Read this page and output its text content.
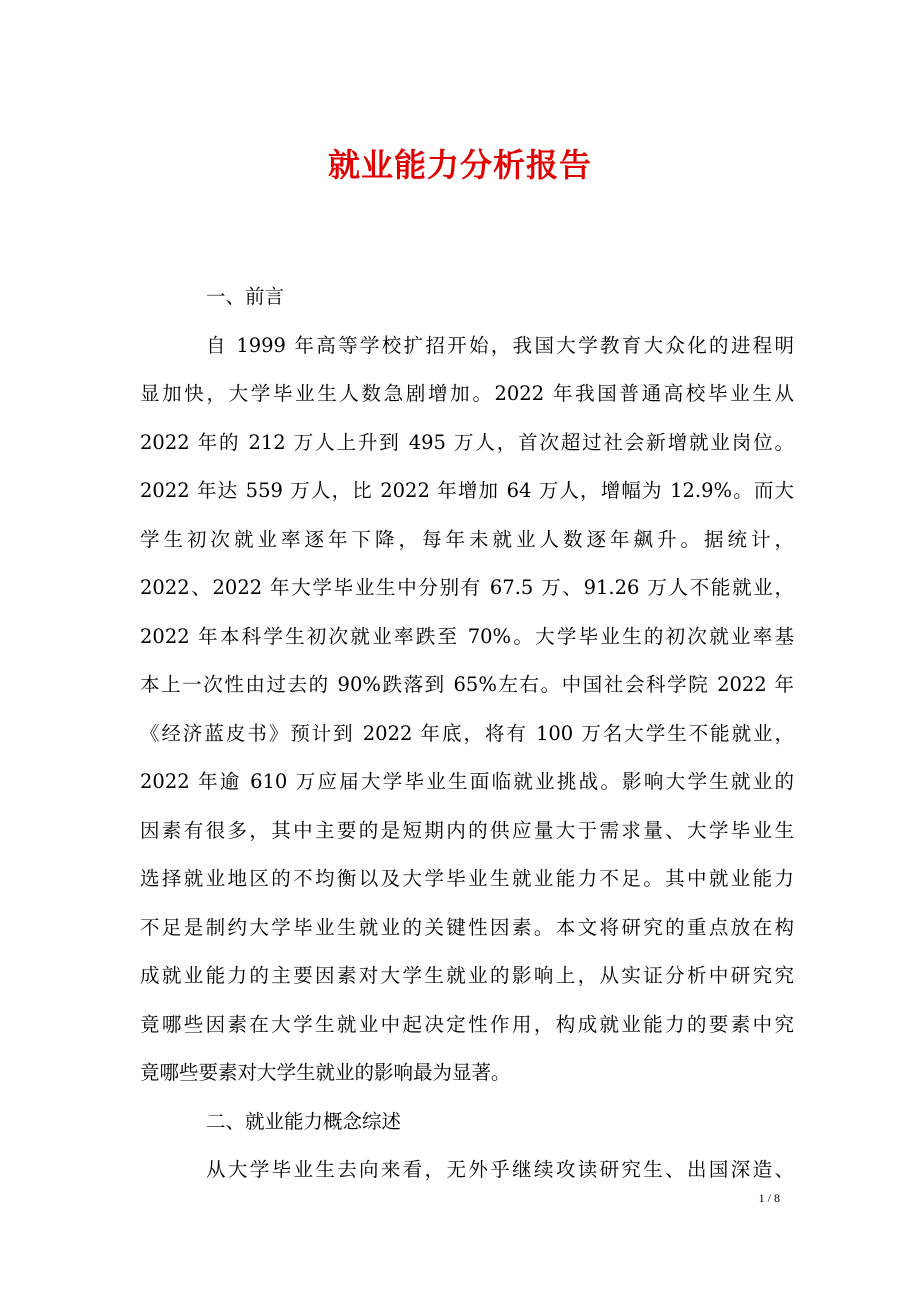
就业能力分析报告
一、前言
自 1999 年高等学校扩招开始，我国大学教育大众化的进程明
显加快，大学毕业生人数急剧增加。2022 年我国普通高校毕业生从
2022 年的 212 万人上升到 495 万人，首次超过社会新增就业岗位。
2022 年达 559 万人，比 2022 年增加 64 万人，增幅为 12.9%。而大
学生初次就业率逐年下降，每年未就业人数逐年飙升。据统计，
2022、2022 年大学毕业生中分别有 67.5 万、91.26 万人不能就业，
2022 年本科学生初次就业率跌至 70%。大学毕业生的初次就业率基
本上一次性由过去的 90%跌落到 65%左右。中国社会科学院 2022 年
《经济蓝皮书》预计到 2022 年底，将有 100 万名大学生不能就业，
2022 年逾 610 万应届大学毕业生面临就业挑战。影响大学生就业的
因素有很多，其中主要的是短期内的供应量大于需求量、大学毕业生
选择就业地区的不均衡以及大学毕业生就业能力不足。其中就业能力
不足是制约大学毕业生就业的关键性因素。本文将研究的重点放在构
成就业能力的主要因素对大学生就业的影响上，从实证分析中研究究
竟哪些因素在大学生就业中起决定性作用，构成就业能力的要素中究
竟哪些要素对大学生就业的影响最为显著。
二、就业能力概念综述
从大学毕业生去向来看，无外乎继续攻读研究生、出国深造、
1 / 8
